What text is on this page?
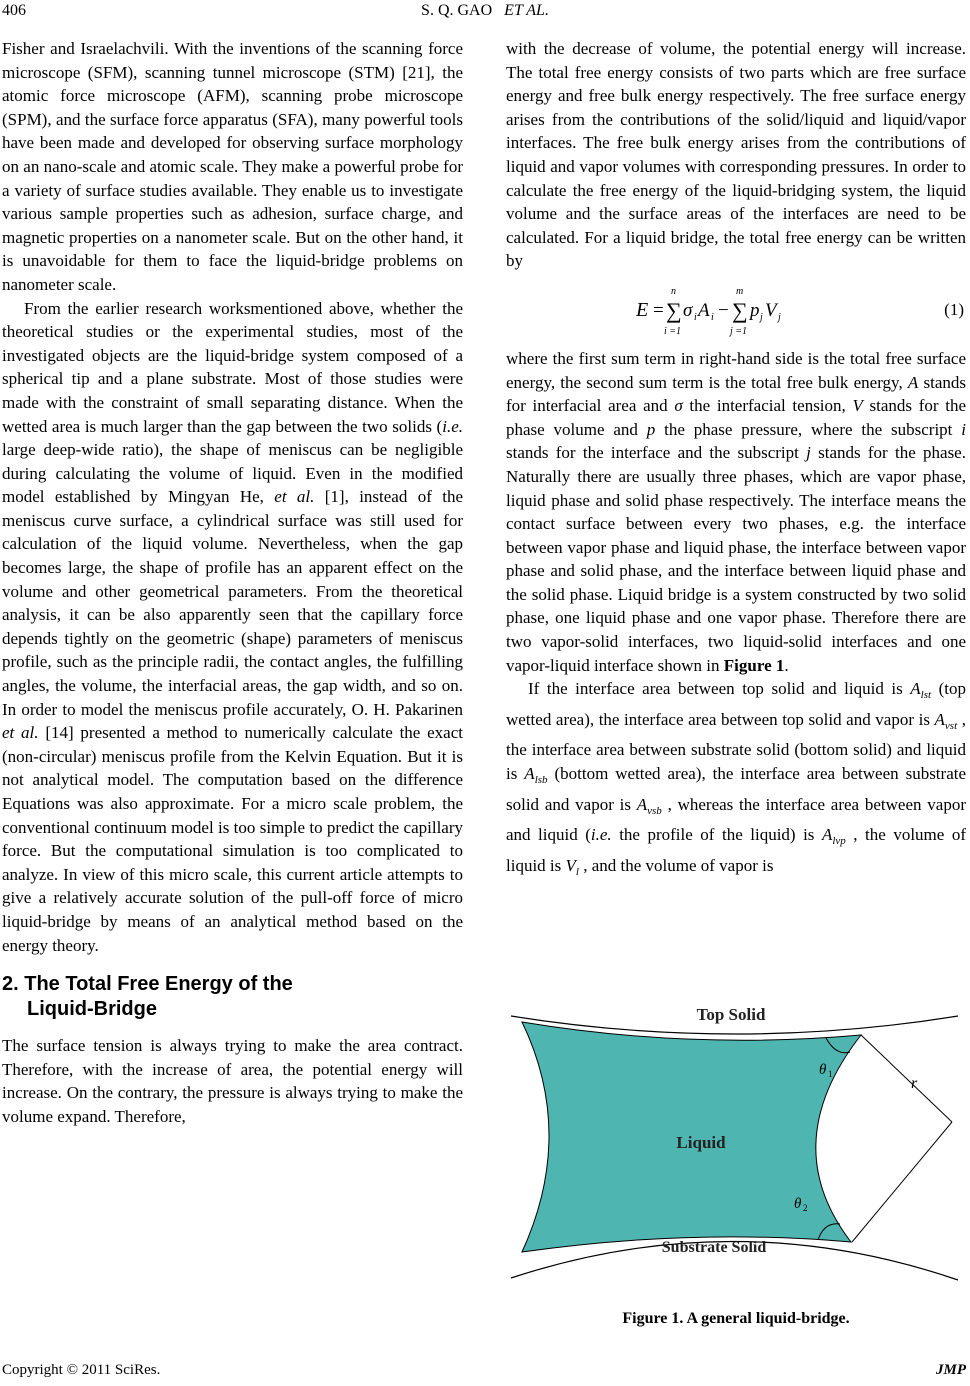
406	S. Q. GAO ET AL.

Fisher and Israelachvili. With the inventions of the scanning force microscope (SFM), scanning tunnel microscope (STM) [21], the atomic force microscope (AFM), scanning probe microscope (SPM), and the surface force apparatus (SFA), many powerful tools have been made and developed for observing surface morphology on an nano-scale and atomic scale. They make a powerful probe for a variety of surface studies available. They enable us to investigate various sample properties such as adhesion, surface charge, and magnetic properties on a nanometer scale. But on the other hand, it is unavoidable for them to face the liquid-bridge problems on nanometer scale.

From the earlier research worksmentioned above, whether the theoretical studies or the experimental studies, most of the investigated objects are the liquid-bridge system composed of a spherical tip and a plane substrate. Most of those studies were made with the constraint of small separating distance. When the wetted area is much larger than the gap between the two solids (i.e. large deep-wide ratio), the shape of meniscus can be negligible during calculating the volume of liquid. Even in the modified model established by Mingyan He, et al. [1], instead of the meniscus curve surface, a cylindrical surface was still used for calculation of the liquid volume. Nevertheless, when the gap becomes large, the shape of profile has an apparent effect on the volume and other geometrical parameters. From the theoretical analysis, it can be also apparently seen that the capillary force depends tightly on the geometric (shape) parameters of meniscus profile, such as the principle radii, the contact angles, the fulfilling angles, the volume, the interfacial areas, the gap width, and so on. In order to model the meniscus profile accurately, O. H. Pakarinen et al. [14] presented a method to numerically calculate the exact (non-circular) meniscus profile from the Kelvin Equation. But it is not analytical model. The computation based on the difference Equations was also approximate. For a micro scale problem, the conventional continuum model is too simple to predict the capillary force. But the computational simulation is too complicated to analyze. In view of this micro scale, this current article attempts to give a relatively accurate solution of the pull-off force of micro liquid-bridge by means of an analytical method based on the energy theory.

2. The Total Free Energy of the
Liquid-Bridge

The surface tension is always trying to make the area contract. Therefore, with the increase of area, the potential energy will increase. On the contrary, the pressure is always trying to make the volume expand. Therefore,

with the decrease of volume, the potential energy will increase. The total free energy consists of two parts which are free surface energy and free bulk energy respectively. The free surface energy arises from the contributions of the solid/liquid and liquid/vapor interfaces. The free bulk energy arises from the contributions of liquid and vapor volumes with corresponding pressures. In order to calculate the free energy of the liquid-bridging system, the liquid volume and the surface areas of the interfaces are need to be calculated. For a liquid bridge, the total free energy can be written by

E =
n
∑
i =1
σ i A i −
m
∑
j =1
p j V j	(1)

where the first sum term in right-hand side is the total free surface energy, the second sum term is the total free bulk energy, A stands for interfacial area and σ the interfacial tension, V stands for the phase volume and p the phase pressure, where the subscript i stands for the interface and the subscript j stands for the phase. Naturally there are usually three phases, which are vapor phase, liquid phase and solid phase respectively. The interface means the contact surface between every two phases, e.g. the interface between vapor phase and liquid phase, the interface between vapor phase and solid phase, and the interface between liquid phase and the solid phase. Liquid bridge is a system constructed by two solid phase, one liquid phase and one vapor phase. Therefore there are two vapor-solid interfaces, two liquid-solid interfaces and one vapor-liquid interface shown in Figure 1.

If the interface area between top solid and liquid is $A_{lst}$ (top wetted area), the interface area between top solid and vapor is $A_{vst}$ , the interface area between substrate solid (bottom solid) and liquid is $A_{lsb}$ (bottom wetted area), the interface area between substrate solid and vapor is $A_{vsb}$ , whereas the interface area between vapor and liquid (i.e. the profile of the liquid) is $A_{lvp}$ , the volume of liquid is $V_l$ , and the volume of vapor is

Top Solid
Liquid
Substrate Solid
θ 1
θ 2
r
Figure 1. A general liquid-bridge.
Copyright © 2011 SciRes.	JMP
